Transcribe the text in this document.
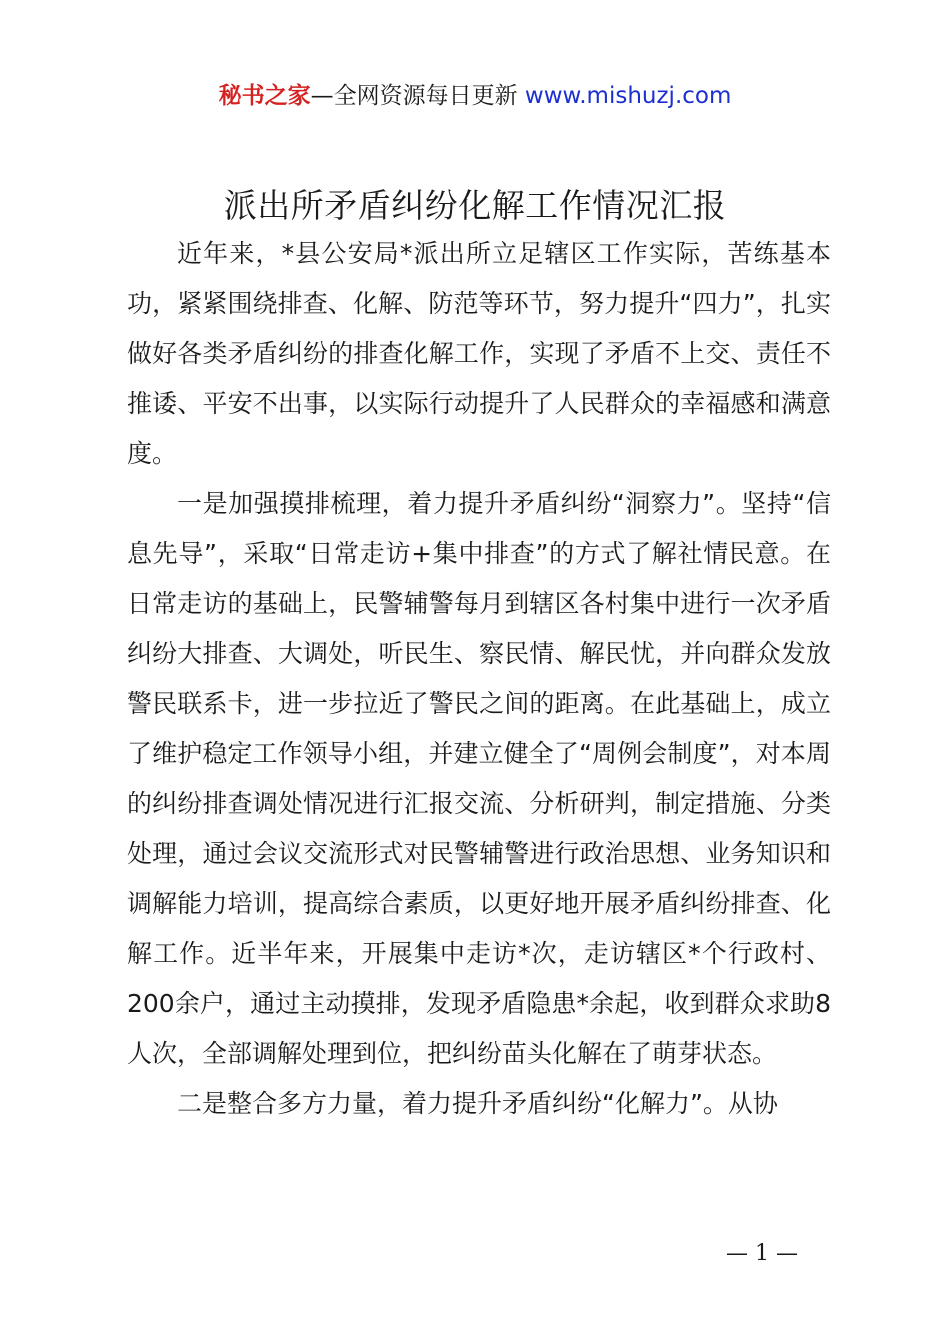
秘书之家—全网资源每日更新 www.mishuzj.com
派出所矛盾纠纷化解工作情况汇报

近年来，*县公安局*派出所立足辖区工作实际，苦练基本功，紧紧围绕排查、化解、防范等环节，努力提升“四力”，扎实做好各类矛盾纠纷的排查化解工作，实现了矛盾不上交、责任不推诿、平安不出事，以实际行动提升了人民群众的幸福感和满意度。

一是加强摸排梳理，着力提升矛盾纠纷“洞察力”。坚持“信息先导”，采取“日常走访+集中排查”的方式了解社情民意。在日常走访的基础上，民警辅警每月到辖区各村集中进行一次矛盾纠纷大排查、大调处，听民生、察民情、解民忧，并向群众发放警民联系卡，进一步拉近了警民之间的距离。在此基础上，成立了维护稳定工作领导小组，并建立健全了“周例会制度”，对本周的纠纷排查调处情况进行汇报交流、分析研判，制定措施、分类处理，通过会议交流形式对民警辅警进行政治思想、业务知识和调解能力培训，提高综合素质，以更好地开展矛盾纠纷排查、化解工作。近半年来，开展集中走访*次，走访辖区*个行政村、200余户，通过主动摸排，发现矛盾隐患*余起，收到群众求助8人次，全部调解处理到位，把纠纷苗头化解在了萌芽状态。

二是整合多方力量，着力提升矛盾纠纷“化解力”。从协

— 1 —
